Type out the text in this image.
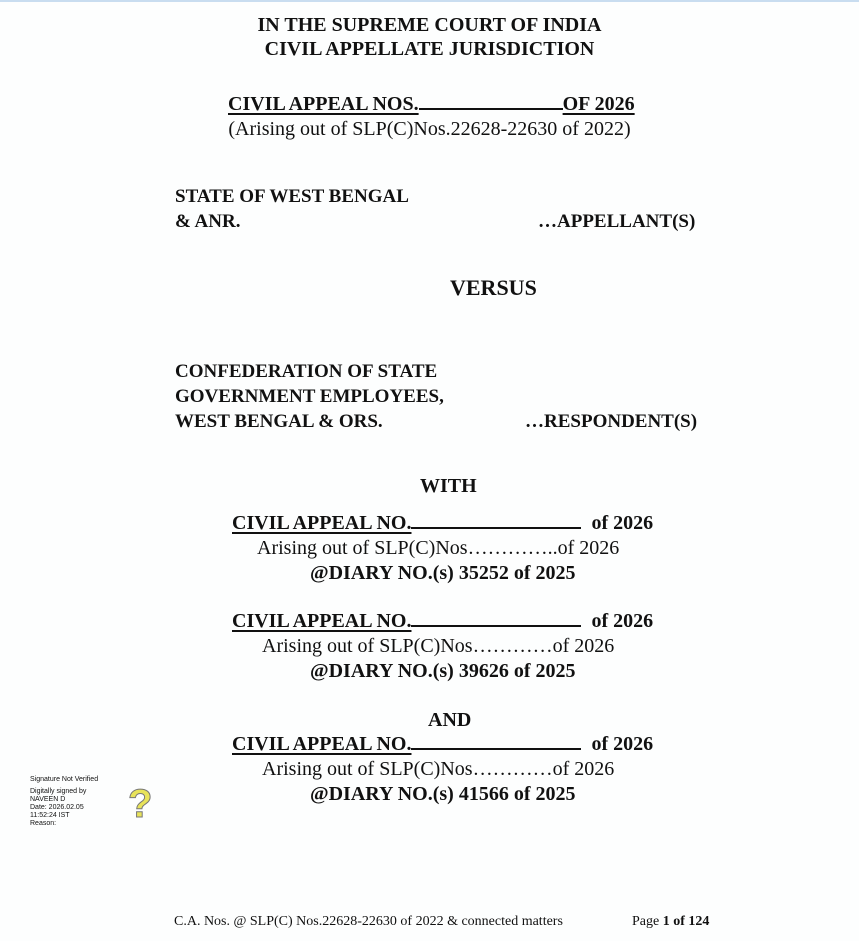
IN THE SUPREME COURT OF INDIA
CIVIL APPELLATE JURISDICTION
CIVIL APPEAL NOS.	OF 2026
(Arising out of SLP(C)Nos.22628-22630 of 2022)
STATE OF WEST BENGAL
& ANR.	…APPELLANT(S)
VERSUS
CONFEDERATION OF STATE
GOVERNMENT EMPLOYEES,
WEST BENGAL & ORS.	…RESPONDENT(S)
WITH
CIVIL APPEAL NO.	of 2026
Arising out of SLP(C)Nos…………..of 2026
@DIARY NO.(s) 35252 of 2025
CIVIL APPEAL NO.	of 2026
Arising out of SLP(C)Nos…………of 2026
@DIARY NO.(s) 39626 of 2025
AND
CIVIL APPEAL NO.	of 2026
Arising out of SLP(C)Nos…………of 2026
@DIARY NO.(s) 41566 of 2025
?
Signature Not Verified
Digitally signed by
NAVEEN D
Date: 2026.02.05
11:52:24 IST
Reason:
C.A. Nos. @ SLP(C) Nos.22628-22630 of 2022 & connected matters	Page 1 of 124
